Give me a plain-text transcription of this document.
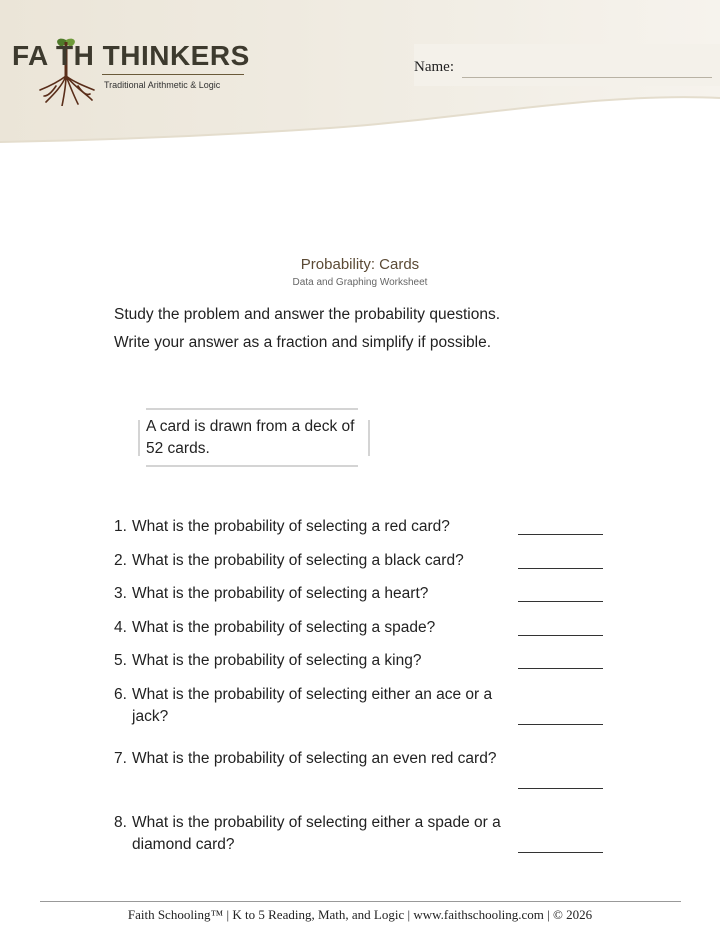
FA TH THINKERS
Traditional Arithmetic & Logic
Name:
Probability: Cards
Data and Graphing Worksheet
Study the problem and answer the probability questions.
Write your answer as a fraction and simplify if possible.
A card is drawn from a deck of 52 cards.
1. What is the probability of selecting a red card?
2. What is the probability of selecting a black card?
3. What is the probability of selecting a heart?
4. What is the probability of selecting a spade?
5. What is the probability of selecting a king?
6. What is the probability of selecting either an ace or a jack?
7. What is the probability of selecting an even red card?
8. What is the probability of selecting either a spade or a diamond card?
Faith Schooling™ | K to 5 Reading, Math, and Logic | www.faithschooling.com | © 2026
